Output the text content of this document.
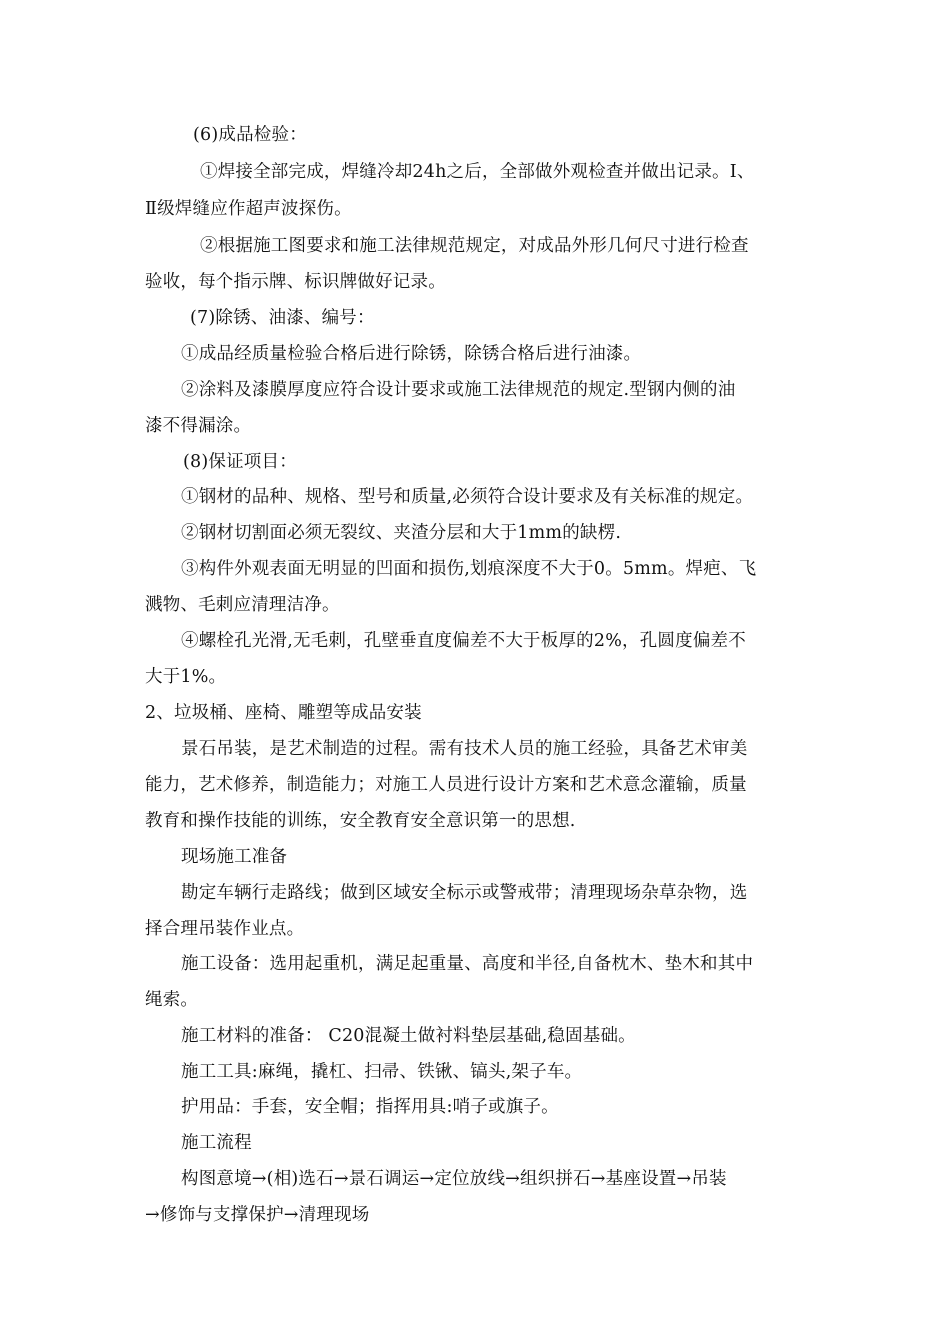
(6)成品检验：

①焊接全部完成，焊缝冷却24h之后，全部做外观检查并做出记录。Ⅰ、

Ⅱ级焊缝应作超声波探伤。

②根据施工图要求和施工法律规范规定，对成品外形几何尺寸进行检查

验收，每个指示牌、标识牌做好记录。

(7)除锈、油漆、编号：

①成品经质量检验合格后进行除锈，除锈合格后进行油漆。

②涂料及漆膜厚度应符合设计要求或施工法律规范的规定.型钢内侧的油

漆不得漏涂。

(8)保证项目：

①钢材的品种、规格、型号和质量,必须符合设计要求及有关标准的规定。

②钢材切割面必须无裂纹、夹渣分层和大于1mm的缺楞.

③构件外观表面无明显的凹面和损伤,划痕深度不大于0。5mm。焊疤、飞

溅物、毛刺应清理洁净。

④螺栓孔光滑,无毛刺，孔壁垂直度偏差不大于板厚的2%，孔圆度偏差不

大于1%。

2、垃圾桶、座椅、雕塑等成品安装

景石吊装，是艺术制造的过程。需有技术人员的施工经验，具备艺术审美

能力，艺术修养，制造能力；对施工人员进行设计方案和艺术意念灌输，质量

教育和操作技能的训练，安全教育安全意识第一的思想.

现场施工准备

勘定车辆行走路线；做到区域安全标示或警戒带；清理现场杂草杂物，选

择合理吊装作业点。

施工设备：选用起重机，满足起重量、高度和半径,自备枕木、垫木和其中

绳索。

施工材料的准备： C20混凝土做衬料垫层基础,稳固基础。

施工工具:麻绳，撬杠、扫帚、铁锹、镐头,架子车。

护用品：手套，安全帽；指挥用具:哨子或旗子。

施工流程

构图意境→(相)选石→景石调运→定位放线→组织拼石→基座设置→吊装

→修饰与支撑保护→清理现场
